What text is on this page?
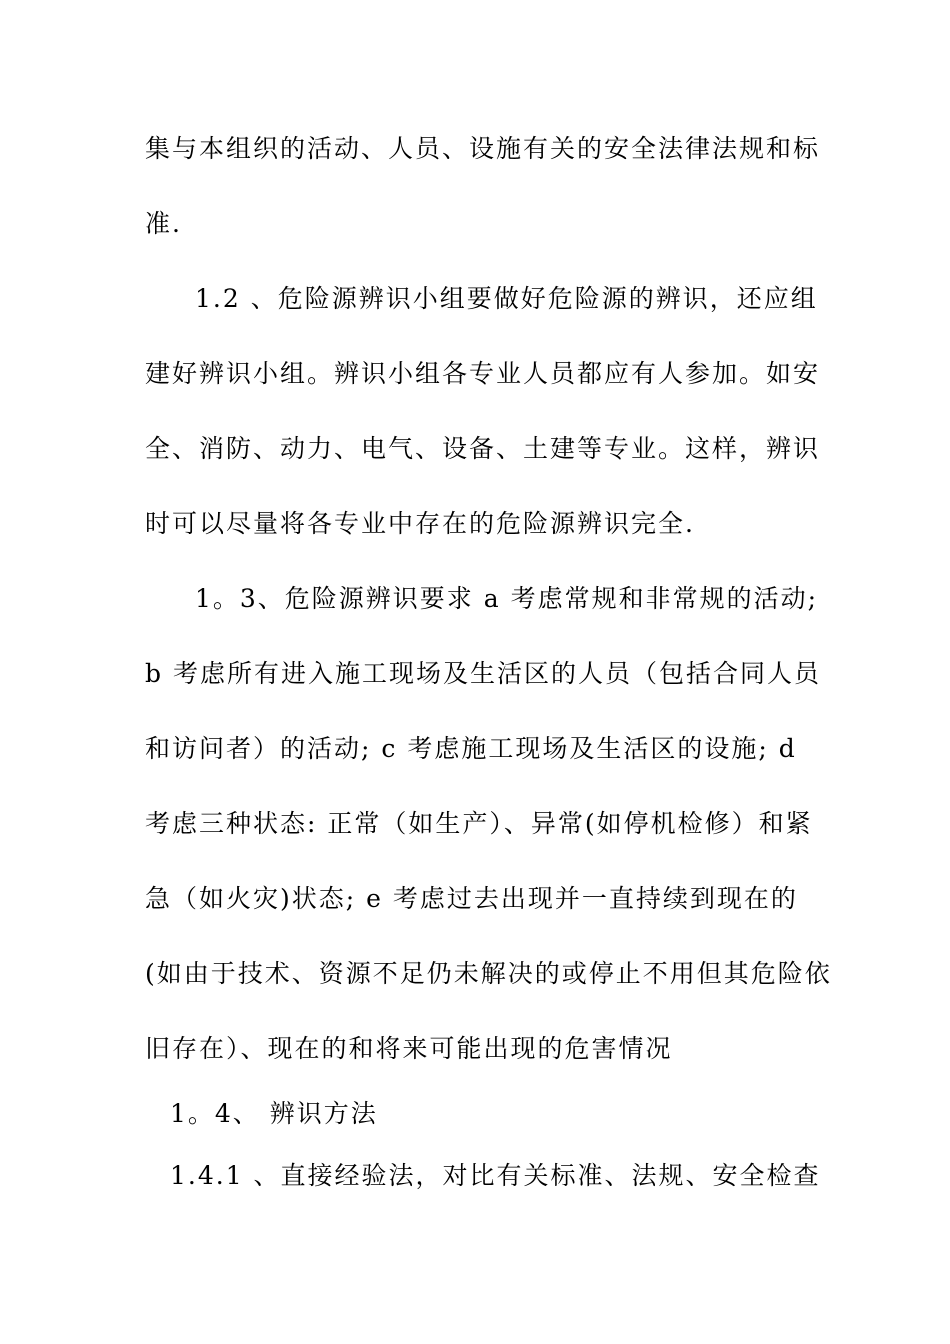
集与本组织的活动、人员、设施有关的安全法律法规和标
准.
1.2 、危险源辨识小组要做好危险源的辨识，还应组
建好辨识小组。辨识小组各专业人员都应有人参加。如安
全、消防、动力、电气、设备、土建等专业。这样，辨识
时可以尽量将各专业中存在的危险源辨识完全.
1。3、危险源辨识要求 a 考虑常规和非常规的活动;
b 考虑所有进入施工现场及生活区的人员（包括合同人员
和访问者）的活动; c 考虑施工现场及生活区的设施; d
考虑三种状态: 正常（如生产）、异常(如停机检修）和紧
急（如火灾)状态; e 考虑过去出现并一直持续到现在的
(如由于技术、资源不足仍未解决的或停止不用但其危险依
旧存在）、现在的和将来可能出现的危害情况
1。4、 辨识方法
1.4.1 、直接经验法，对比有关标准、法规、安全检查
